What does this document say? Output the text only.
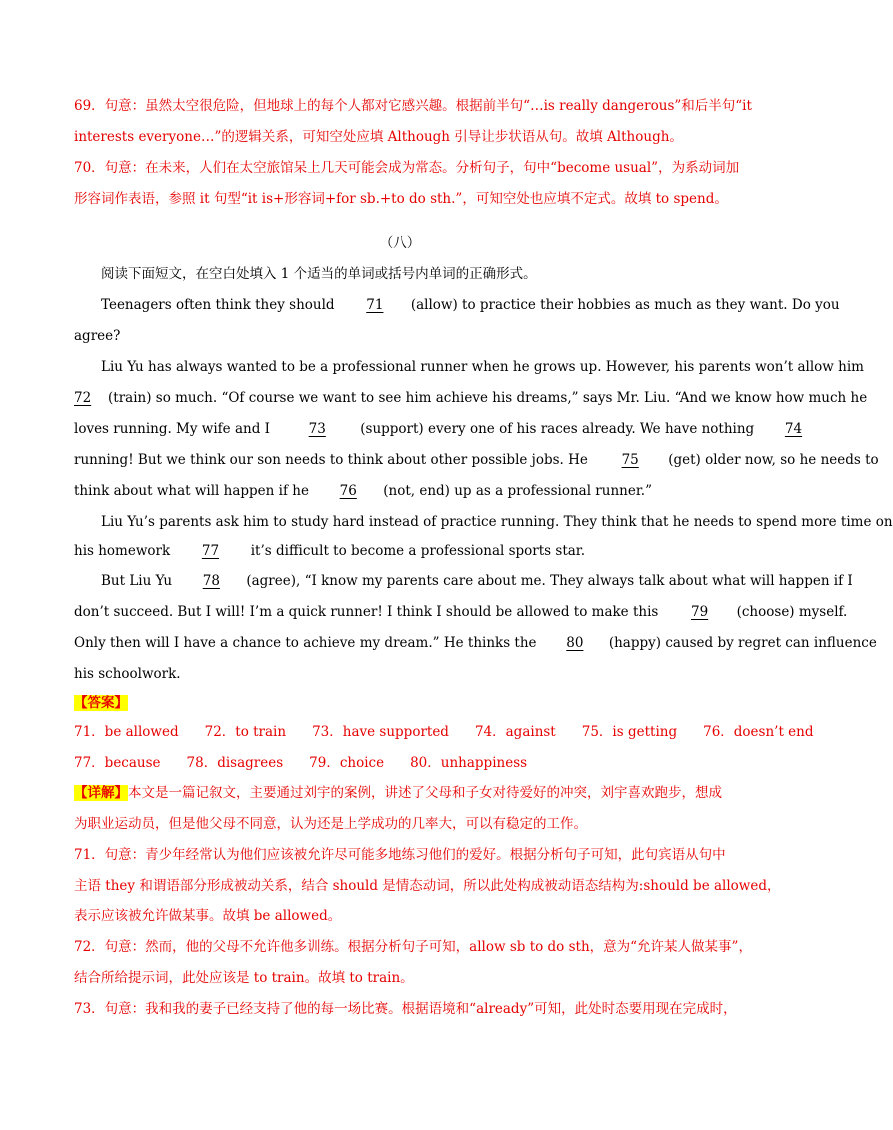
69．句意：虽然太空很危险，但地球上的每个人都对它感兴趣。根据前半句“…is really dangerous”和后半句“it
interests everyone…”的逻辑关系，可知空处应填 Although 引导让步状语从句。故填 Although。
70．句意：在未来，人们在太空旅馆呆上几天可能会成为常态。分析句子，句中“become usual”，为系动词加
形容词作表语，参照 it 句型“it is+形容词+for sb.+to do sth.”，可知空处也应填不定式。故填 to spend。
（八）
阅读下面短文，在空白处填入 1 个适当的单词或括号内单词的正确形式。
Teenagers often think they should 71 (allow) to practice their hobbies as much as they want. Do you
agree?
Liu Yu has always wanted to be a professional runner when he grows up. However, his parents won’t allow him
72 (train) so much. “Of course we want to see him achieve his dreams,” says Mr. Liu. “And we know how much he
loves running. My wife and I	73	(support) every one of his races already. We have nothing 74
running! But we think our son needs to think about other possible jobs. He 75 (get) older now, so he needs to
think about what will happen if he 76 (not, end) up as a professional runner.”
Liu Yu’s parents ask him to study hard instead of practice running. They think that he needs to spend more time on
his homework 77 it’s difficult to become a professional sports star.
But Liu Yu 78 (agree), “I know my parents care about me. They always talk about what will happen if I
don’t succeed. But I will! I’m a quick runner! I think I should be allowed to make this 79 (choose) myself.
Only then will I have a chance to achieve my dream.” He thinks the 80 (happy) caused by regret can influence
his schoolwork.
【答案】
71．be allowed 72．to train 73．have supported 74．against 75．is getting 76．doesn’t end
77．because 78．disagrees 79．choice 80．unhappiness
【详解】本文是一篇记叙文，主要通过刘宇的案例，讲述了父母和子女对待爱好的冲突，刘宇喜欢跑步，想成
为职业运动员，但是他父母不同意，认为还是上学成功的几率大，可以有稳定的工作。
71．句意：青少年经常认为他们应该被允许尽可能多地练习他们的爱好。根据分析句子可知，此句宾语从句中
主语 they 和谓语部分形成被动关系，结合 should 是情态动词，所以此处构成被动语态结构为:should be allowed，
表示应该被允许做某事。故填 be allowed。
72．句意：然而，他的父母不允许他多训练。根据分析句子可知，allow sb to do sth，意为“允许某人做某事”，
结合所给提示词，此处应该是 to train。故填 to train。
73．句意：我和我的妻子已经支持了他的每一场比赛。根据语境和“already”可知，此处时态要用现在完成时，
